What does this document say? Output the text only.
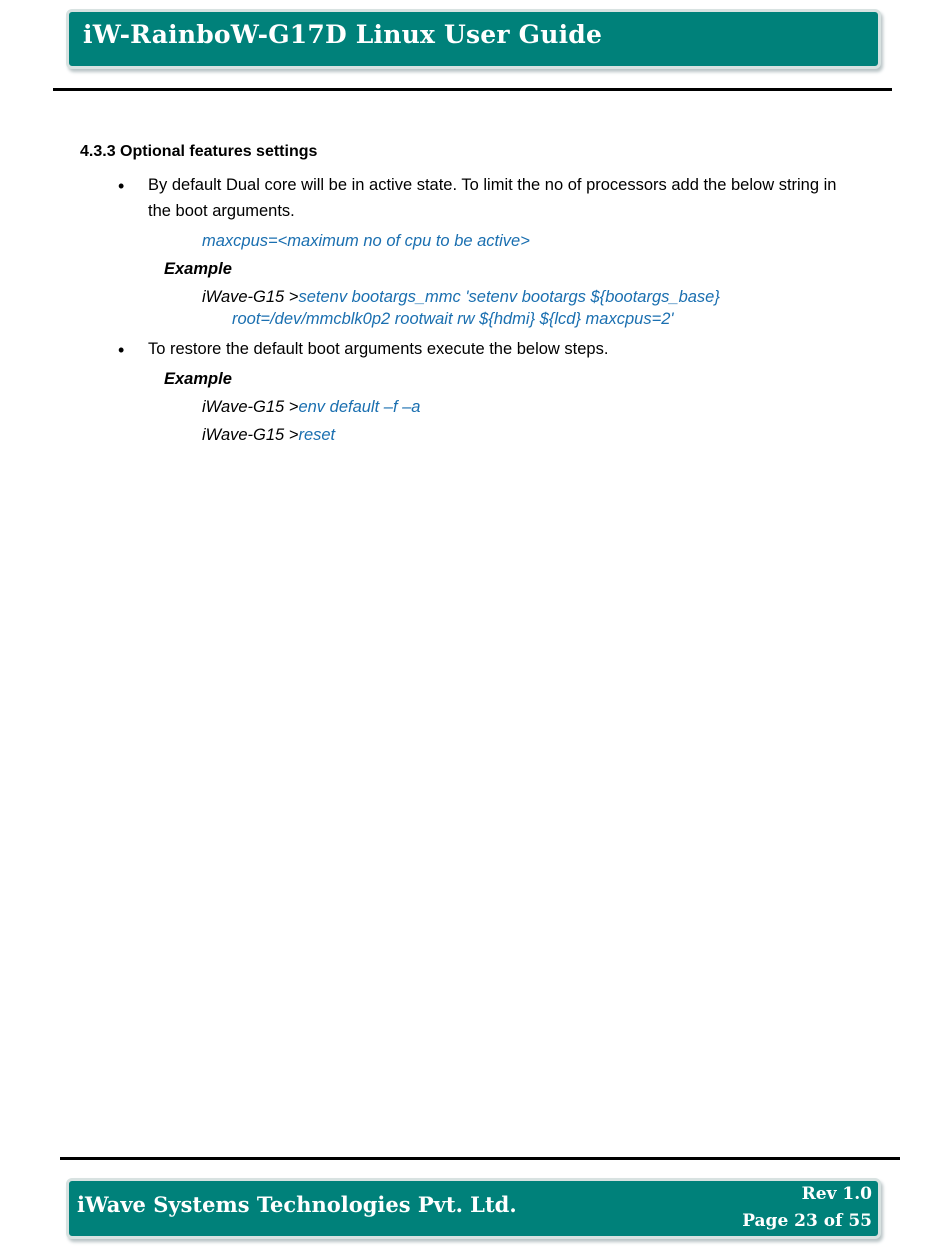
iW-RainboW-G17D Linux User Guide
4.3.3 Optional features settings
• By default Dual core will be in active state. To limit the no of processors add the below string in
the boot arguments.
maxcpus=<maximum no of cpu to be active>
Example
iWave-G15 >setenv bootargs_mmc 'setenv bootargs ${bootargs_base}
root=/dev/mmcblk0p2 rootwait rw ${hdmi} ${lcd} maxcpus=2'
• To restore the default boot arguments execute the below steps.
Example
iWave-G15 >env default –f –a
iWave-G15 >reset
iWave Systems Technologies Pvt. Ltd.	Rev 1.0
Page 23 of 55
